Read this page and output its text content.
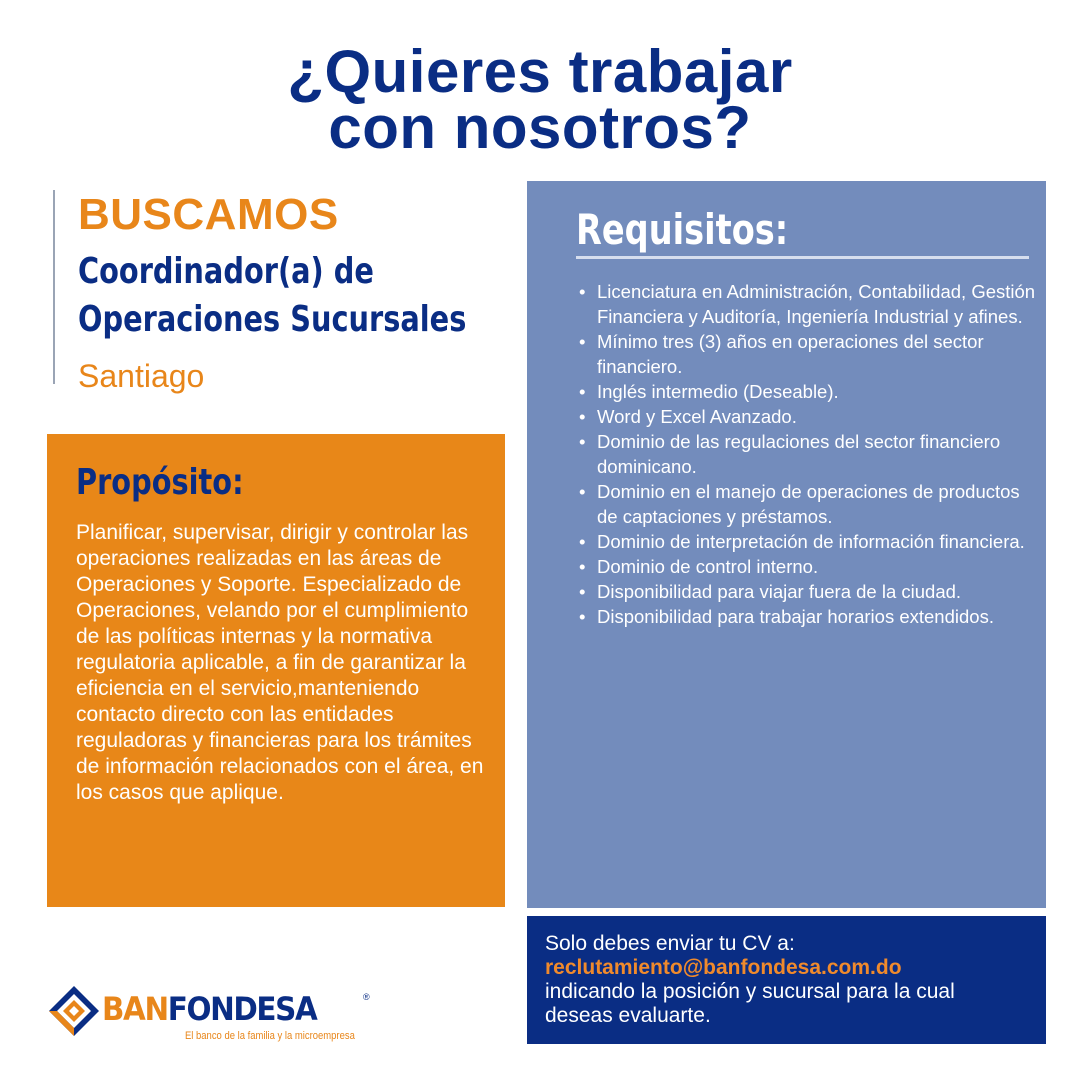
¿Quieres trabajar
con nosotros?
BUSCAMOS
Coordinador(a) de
Operaciones Sucursales
Santiago
Propósito:
Planificar, supervisar, dirigir y controlar las operaciones realizadas en las áreas de Operaciones y Soporte. Especializado de Operaciones, velando por el cumplimiento de las políticas internas y la normativa regulatoria aplicable, a fin de garantizar la eficiencia en el servicio,manteniendo contacto directo con las entidades reguladoras y financieras para los trámites de información relacionados con el área, en los casos que aplique.
Requisitos:
• Licenciatura en Administración, Contabilidad, Gestión Financiera y Auditoría, Ingeniería Industrial y afines.
• Mínimo tres (3) años en operaciones del sector financiero.
• Inglés intermedio (Deseable).
• Word y Excel Avanzado.
• Dominio de las regulaciones del sector financiero dominicano.
• Dominio en el manejo de operaciones de productos de captaciones y préstamos.
• Dominio de interpretación de información financiera.
• Dominio de control interno.
• Disponibilidad para viajar fuera de la ciudad.
• Disponibilidad para trabajar horarios extendidos.
Solo debes enviar tu CV a:
reclutamiento@banfondesa.com.do
indicando la posición y sucursal para la cual deseas evaluarte.
BANFONDESA	®
El banco de la familia y la microempresa
